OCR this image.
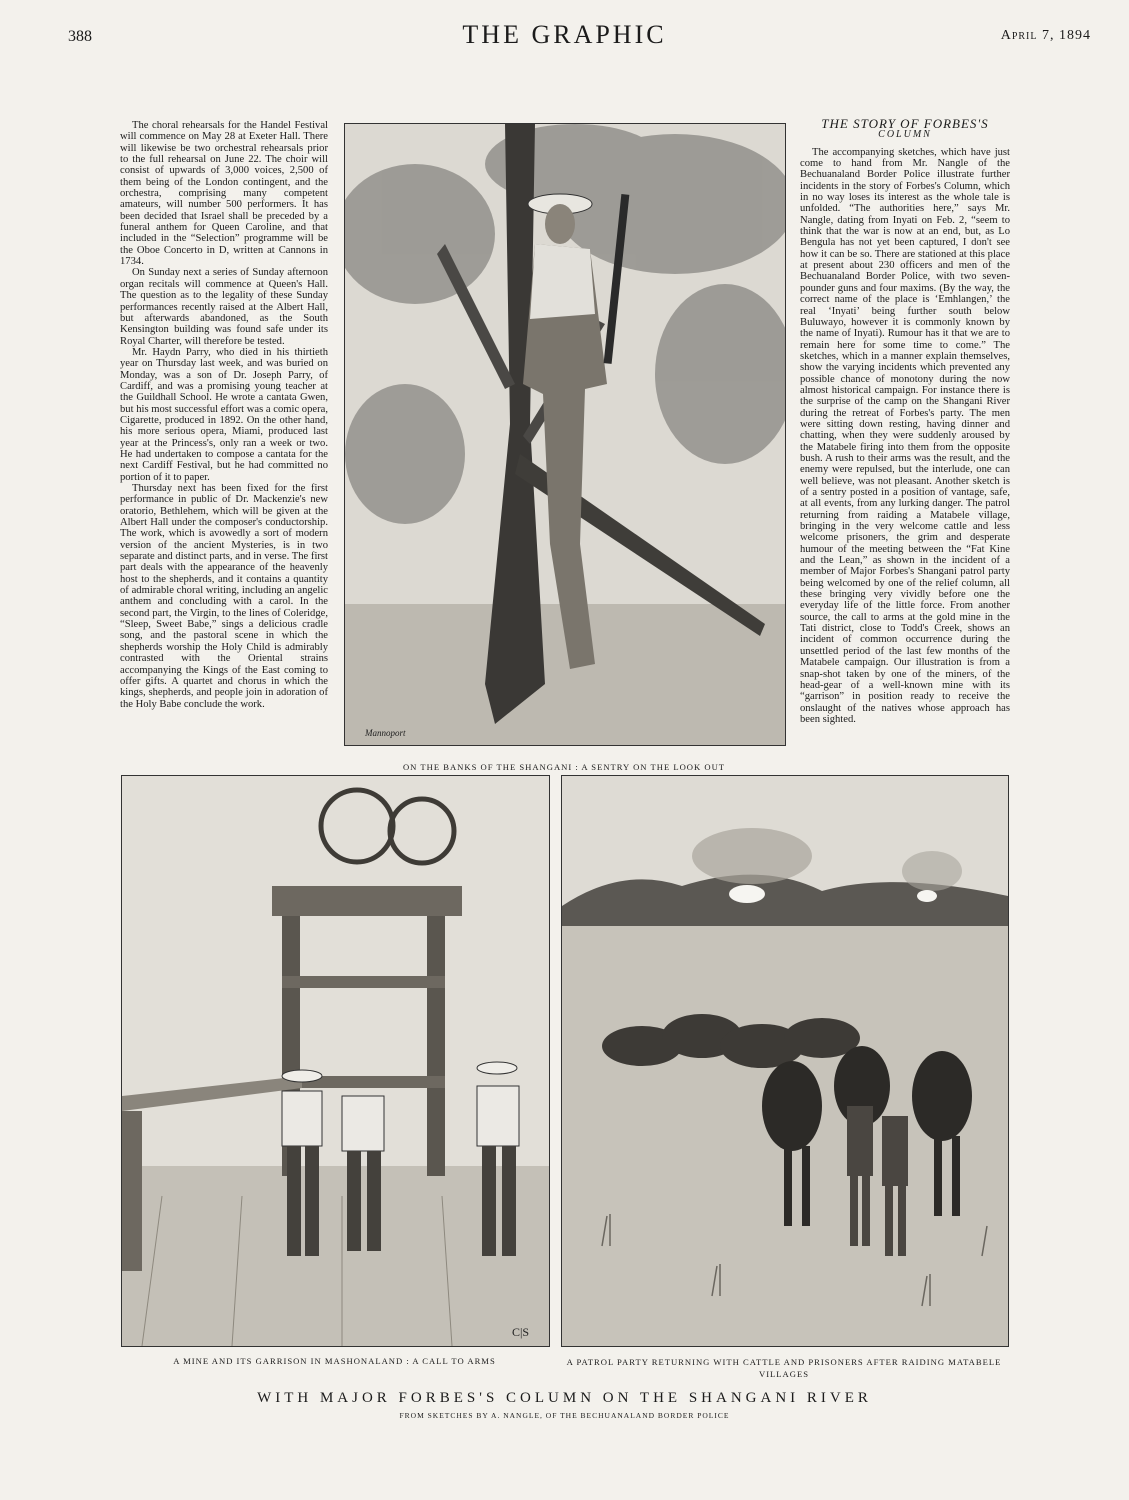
388	THE GRAPHIC	April 7, 1894

The choral rehearsals for the Handel Festival will commence on May 28 at Exeter Hall. There will likewise be two orchestral rehearsals prior to the full rehearsal on June 22. The choir will consist of upwards of 3,000 voices, 2,500 of them being of the London contingent, and the orchestra, comprising many competent amateurs, will number 500 performers. It has been decided that Israel shall be preceded by a funeral anthem for Queen Caroline, and that included in the “Selection” programme will be the Oboe Concerto in D, written at Cannons in 1734.

On Sunday next a series of Sunday afternoon organ recitals will commence at Queen's Hall. The question as to the legality of these Sunday performances recently raised at the Albert Hall, but afterwards abandoned, as the South Kensington building was found safe under its Royal Charter, will therefore be tested.

Mr. Haydn Parry, who died in his thirtieth year on Thursday last week, and was buried on Monday, was a son of Dr. Joseph Parry, of Cardiff, and was a promising young teacher at the Guildhall School. He wrote a cantata Gwen, but his most successful effort was a comic opera, Cigarette, produced in 1892. On the other hand, his more serious opera, Miami, produced last year at the Princess's, only ran a week or two. He had undertaken to compose a cantata for the next Cardiff Festival, but he had committed no portion of it to paper.

Thursday next has been fixed for the first performance in public of Dr. Mackenzie's new oratorio, Bethlehem, which will be given at the Albert Hall under the composer's conductorship. The work, which is avowedly a sort of modern version of the ancient Mysteries, is in two separate and distinct parts, and in verse. The first part deals with the appearance of the heavenly host to the shepherds, and it contains a quantity of admirable choral writing, including an angelic anthem and concluding with a carol. In the second part, the Virgin, to the lines of Coleridge, “Sleep, Sweet Babe,” sings a delicious cradle song, and the pastoral scene in which the shepherds worship the Holy Child is admirably contrasted with the Oriental strains accompanying the Kings of the East coming to offer gifts. A quartet and chorus in which the kings, shepherds, and people join in adoration of the Holy Babe conclude the work.

Mannoport
ON THE BANKS OF THE SHANGANI : A SENTRY ON THE LOOK OUT
THE STORY OF FORBES'S
COLUMN

The accompanying sketches, which have just come to hand from Mr. Nangle of the Bechuanaland Border Police illustrate further incidents in the story of Forbes's Column, which in no way loses its interest as the whole tale is unfolded. “The authorities here,” says Mr. Nangle, dating from Inyati on Feb. 2, “seem to think that the war is now at an end, but, as Lo Bengula has not yet been captured, I don't see how it can be so. There are stationed at this place at present about 230 officers and men of the Bechuanaland Border Police, with two seven-pounder guns and four maxims. (By the way, the correct name of the place is ‘Emhlangen,’ the real ‘Inyati’ being further south below Buluwayo, however it is commonly known by the name of Inyati). Rumour has it that we are to remain here for some time to come.” The sketches, which in a manner explain themselves, show the varying incidents which prevented any possible chance of monotony during the now almost historical campaign. For instance there is the surprise of the camp on the Shangani River during the retreat of Forbes's party. The men were sitting down resting, having dinner and chatting, when they were suddenly aroused by the Matabele firing into them from the opposite bush. A rush to their arms was the result, and the enemy were repulsed, but the interlude, one can well believe, was not pleasant. Another sketch is of a sentry posted in a position of vantage, safe, at all events, from any lurking danger. The patrol returning from raiding a Matabele village, bringing in the very welcome cattle and less welcome prisoners, the grim and desperate humour of the meeting between the “Fat Kine and the Lean,” as shown in the incident of a member of Major Forbes's Shangani patrol party being welcomed by one of the relief column, all these bringing very vividly before one the everyday life of the little force. From another source, the call to arms at the gold mine in the Tati district, close to Todd's Creek, shows an incident of common occurrence during the unsettled period of the last few months of the Matabele campaign. Our illustration is from a snap-shot taken by one of the miners, of the head-gear of a well-known mine with its “garrison” in position ready to receive the onslaught of the natives whose approach has been sighted.

C|S
A MINE AND ITS GARRISON IN MASHONALAND : A CALL TO ARMS	A PATROL PARTY RETURNING WITH CATTLE AND PRISONERS AFTER RAIDING MATABELE VILLAGES
WITH MAJOR FORBES'S COLUMN ON THE SHANGANI RIVER
FROM SKETCHES BY A. NANGLE, OF THE BECHUANALAND BORDER POLICE
